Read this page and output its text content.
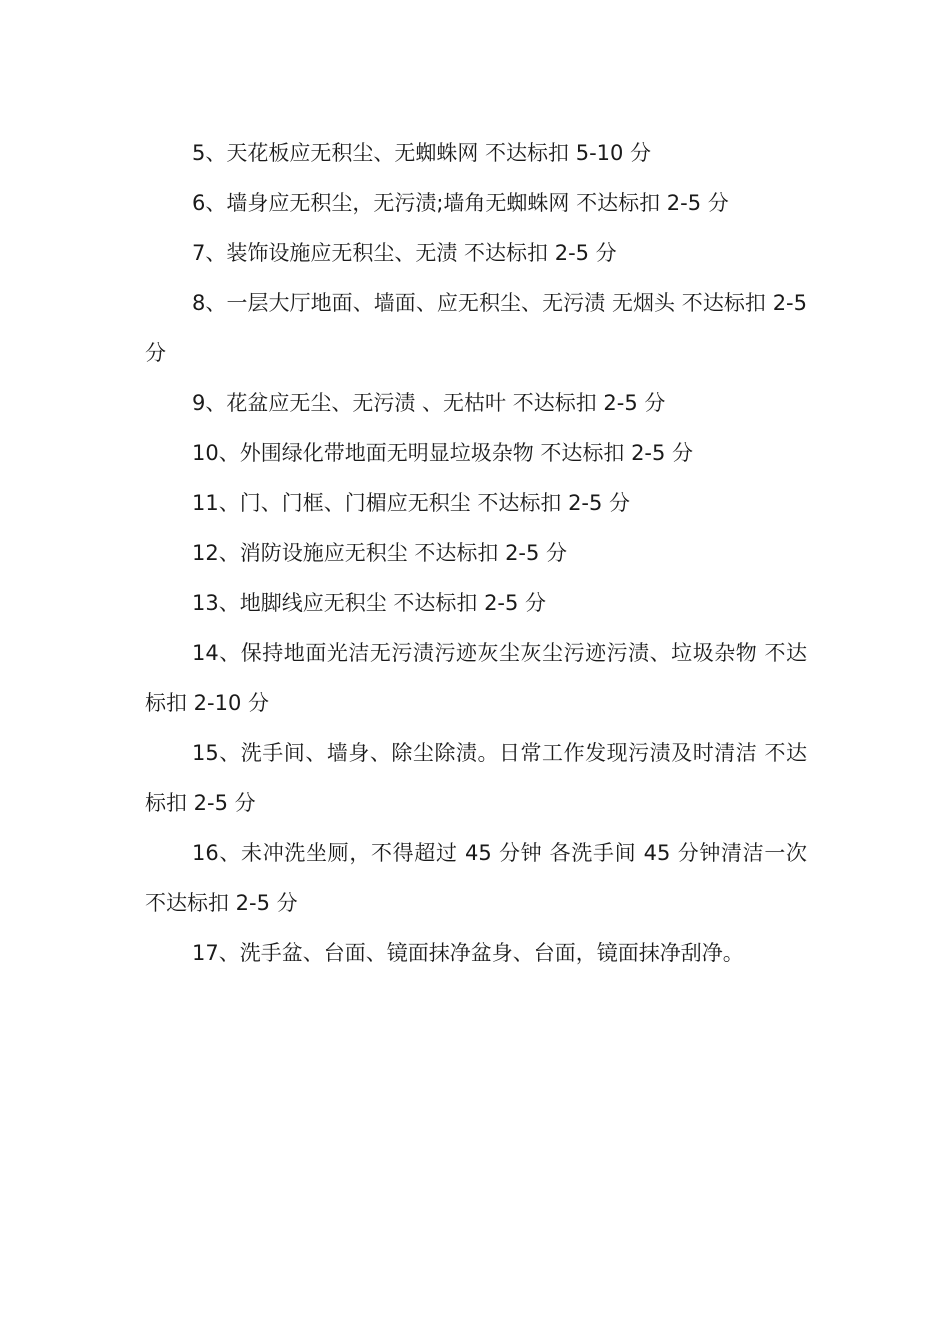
5、天花板应无积尘、无蜘蛛网 不达标扣 5-10 分

6、墙身应无积尘，无污渍;墙角无蜘蛛网 不达标扣 2-5 分

7、装饰设施应无积尘、无渍 不达标扣 2-5 分

8、一层大厅地面、墙面、应无积尘、无污渍 无烟头 不达标扣 2-5 分

9、花盆应无尘、无污渍 、无枯叶 不达标扣 2-5 分

10、外围绿化带地面无明显垃圾杂物 不达标扣 2-5 分

11、门、门框、门楣应无积尘 不达标扣 2-5 分

12、消防设施应无积尘 不达标扣 2-5 分

13、地脚线应无积尘 不达标扣 2-5 分

14、保持地面光洁无污渍污迹灰尘灰尘污迹污渍、垃圾杂物 不达标扣 2-10 分

15、洗手间、墙身、除尘除渍。日常工作发现污渍及时清洁 不达标扣 2-5 分

16、未冲洗坐厕，不得超过 45 分钟 各洗手间 45 分钟清洁一次 不达标扣 2-5 分

17、洗手盆、台面、镜面抹净盆身、台面，镜面抹净刮净。
